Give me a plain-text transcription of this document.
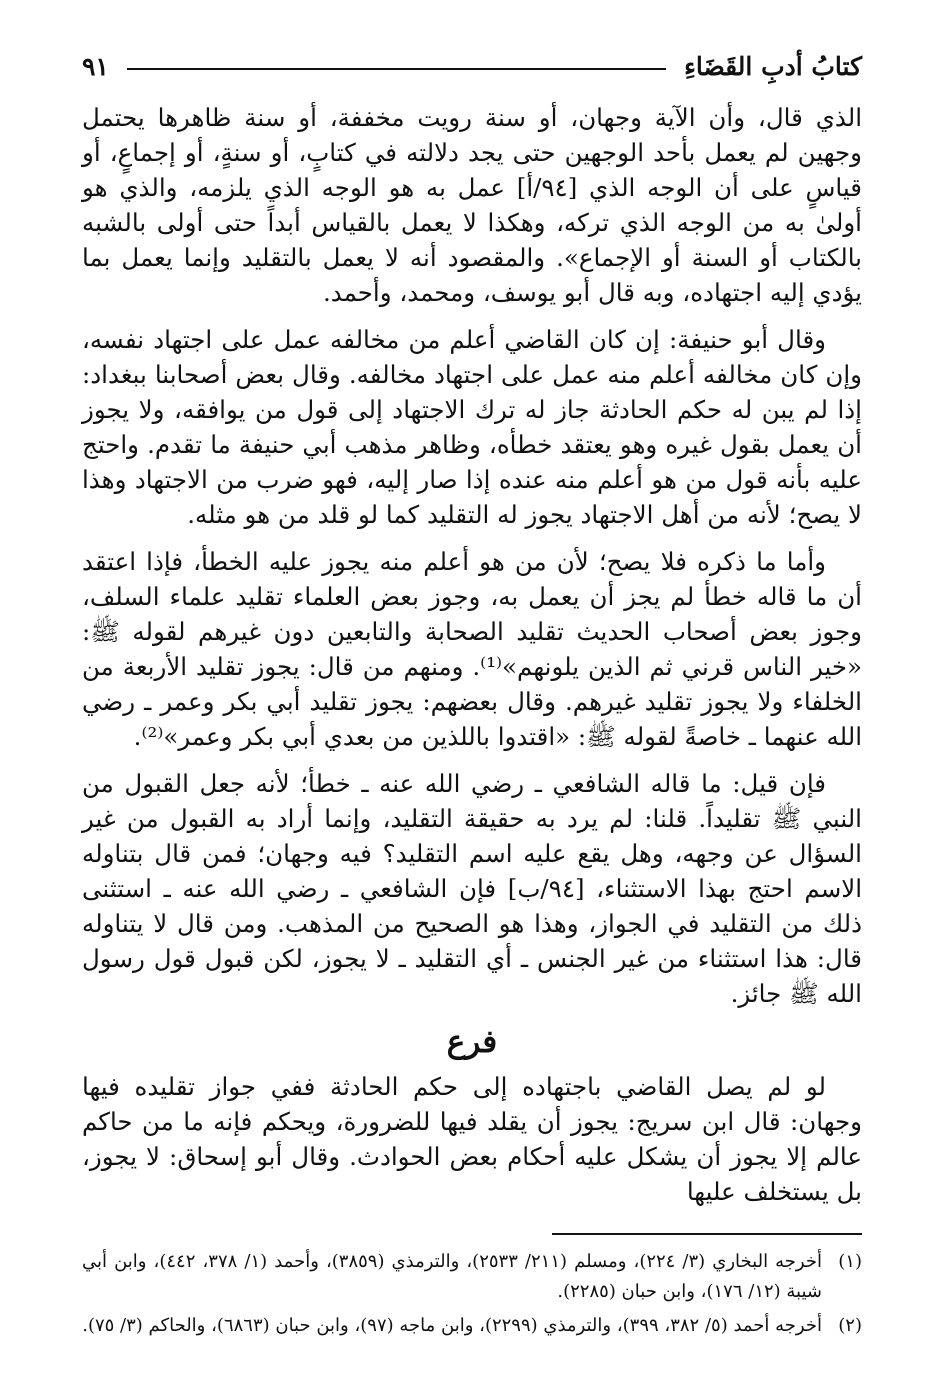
كتابُ أدبِ القَضَاءِ
٩١

الذي قال، وأن الآية وجهان، أو سنة رويت مخففة، أو سنة ظاهرها يحتمل وجهين لم يعمل بأحد الوجهين حتى يجد دلالته في كتابٍ، أو سنةٍ، أو إجماعٍ، أو قياسٍ على أن الوجه الذي [٩٤/أ] عمل به هو الوجه الذي يلزمه، والذي هو أولىٰ به من الوجه الذي تركه، وهكذا لا يعمل بالقياس أبداً حتى أولى بالشبه بالكتاب أو السنة أو الإجماع». والمقصود أنه لا يعمل بالتقليد وإنما يعمل بما يؤدي إليه اجتهاده، وبه قال أبو يوسف، ومحمد، وأحمد.

وقال أبو حنيفة: إن كان القاضي أعلم من مخالفه عمل على اجتهاد نفسه، وإن كان مخالفه أعلم منه عمل على اجتهاد مخالفه. وقال بعض أصحابنا ببغداد: إذا لم يبن له حكم الحادثة جاز له ترك الاجتهاد إلى قول من يوافقه، ولا يجوز أن يعمل بقول غيره وهو يعتقد خطأه، وظاهر مذهب أبي حنيفة ما تقدم. واحتج عليه بأنه قول من هو أعلم منه عنده إذا صار إليه، فهو ضرب من الاجتهاد وهذا لا يصح؛ لأنه من أهل الاجتهاد يجوز له التقليد كما لو قلد من هو مثله.

وأما ما ذكره فلا يصح؛ لأن من هو أعلم منه يجوز عليه الخطأ، فإذا اعتقد أن ما قاله خطأ لم يجز أن يعمل به، وجوز بعض العلماء تقليد علماء السلف، وجوز بعض أصحاب الحديث تقليد الصحابة والتابعين دون غيرهم لقوله ﷺ: «خير الناس قرني ثم الذين يلونهم»⁽¹⁾. ومنهم من قال: يجوز تقليد الأربعة من الخلفاء ولا يجوز تقليد غيرهم. وقال بعضهم: يجوز تقليد أبي بكر وعمر ـ رضي الله عنهما ـ خاصةً لقوله ﷺ: «اقتدوا باللذين من بعدي أبي بكر وعمر»⁽²⁾.

فإن قيل: ما قاله الشافعي ـ رضي الله عنه ـ خطأ؛ لأنه جعل القبول من النبي ﷺ تقليداً. قلنا: لم يرد به حقيقة التقليد، وإنما أراد به القبول من غير السؤال عن وجهه، وهل يقع عليه اسم التقليد؟ فيه وجهان؛ فمن قال بتناوله الاسم احتج بهذا الاستثناء، [٩٤/ب] فإن الشافعي ـ رضي الله عنه ـ استثنى ذلك من التقليد في الجواز، وهذا هو الصحيح من المذهب. ومن قال لا يتناوله قال: هذا استثناء من غير الجنس ـ أي التقليد ـ لا يجوز، لكن قبول قول رسول الله ﷺ جائز.

فرع

لو لم يصل القاضي باجتهاده إلى حكم الحادثة ففي جواز تقليده فيها وجهان: قال ابن سريج: يجوز أن يقلد فيها للضرورة، ويحكم فإنه ما من حاكم عالم إلا يجوز أن يشكل عليه أحكام بعض الحوادث. وقال أبو إسحاق: لا يجوز، بل يستخلف عليها

(١)
أخرجه البخاري (٣/ ٢٢٤)، ومسلم (٢١١/ ٢٥٣٣)، والترمذي (٣٨٥٩)، وأحمد (١/ ٣٧٨، ٤٤٢)، وابن أبي شيبة (١٢/ ١٧٦)، وابن حبان (٢٢٨٥).
(٢)
أخرجه أحمد (٥/ ٣٨٢، ٣٩٩)، والترمذي (٢٢٩٩)، وابن ماجه (٩٧)، وابن حبان (٦٨٦٣)، والحاكم (٣/ ٧٥).
